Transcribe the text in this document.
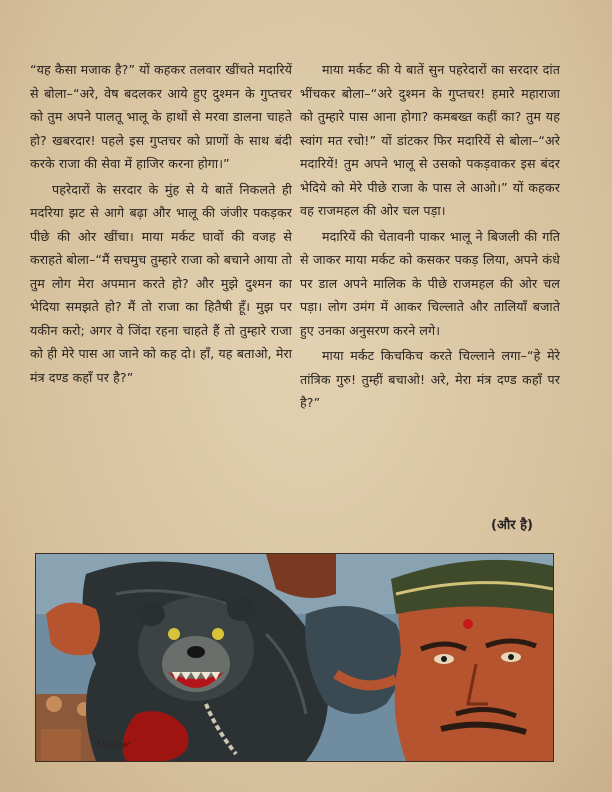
“यह कैसा मजाक है?” यों कहकर तलवार खींचते मदारियें से बोला–“अरे, वेष बदलकर आये हुए दुश्मन के गुप्तचर को तुम अपने पालतू भालू के हाथों से मरवा डालना चाहते हो? खबरदार! पहले इस गुप्तचर को प्राणों के साथ बंदी करके राजा की सेवा में हाजिर करना होगा।”

पहरेदारों के सरदार के मुंह से ये बातें निकलते ही मदरिया झट से आगे बढ़ा और भालू की जंजीर पकड़कर पीछे की ओर खींचा। माया मर्कट घावों की वजह से कराहते बोला–“मैं सचमुच तुम्हारे राजा को बचाने आया तो तुम लोग मेरा अपमान करते हो? और मुझे दुश्मन का भेदिया समझते हो? मैं तो राजा का हितैषी हूँ। मुझ पर यकीन करो; अगर वे जिंदा रहना चाहते हैं तो तुम्हारे राजा को ही मेरे पास आ जाने को कह दो। हाँ, यह बताओ, मेरा मंत्र दण्ड कहाँ पर है?”

माया मर्कट की ये बातें सुन पहरेदारों का सरदार दांत भींचकर बोला–“अरे दुश्मन के गुप्तचर! हमारे महाराजा को तुम्हारे पास आना होगा? कमबख्त कहीं का? तुम यह स्वांग मत रचो!” यों डांटकर फिर मदारियें से बोला–“अरे मदारियें! तुम अपने भालू से उसको पकड़वाकर इस बंदर भेदिये को मेरे पीछे राजा के पास ले आओ।” यों कहकर वह राजमहल की ओर चल पड़ा।

मदारियें की चेतावनी पाकर भालू ने बिजली की गति से जाकर माया मर्कट को कसकर पकड़ लिया, अपने कंधे पर डाल अपने मालिक के पीछे राजमहल की ओर चल पड़ा। लोग उमंग में आकर चिल्लाते और तालियाँ बजाते हुए उनका अनुसरण करने लगे।

माया मर्कट किचकिच करते चिल्लाने लगा–“हे मेरे तांत्रिक गुरु! तुम्हीं बचाओ! अरे, मेरा मंत्र दण्ड कहाँ पर है?”

(और है)
Shankar
